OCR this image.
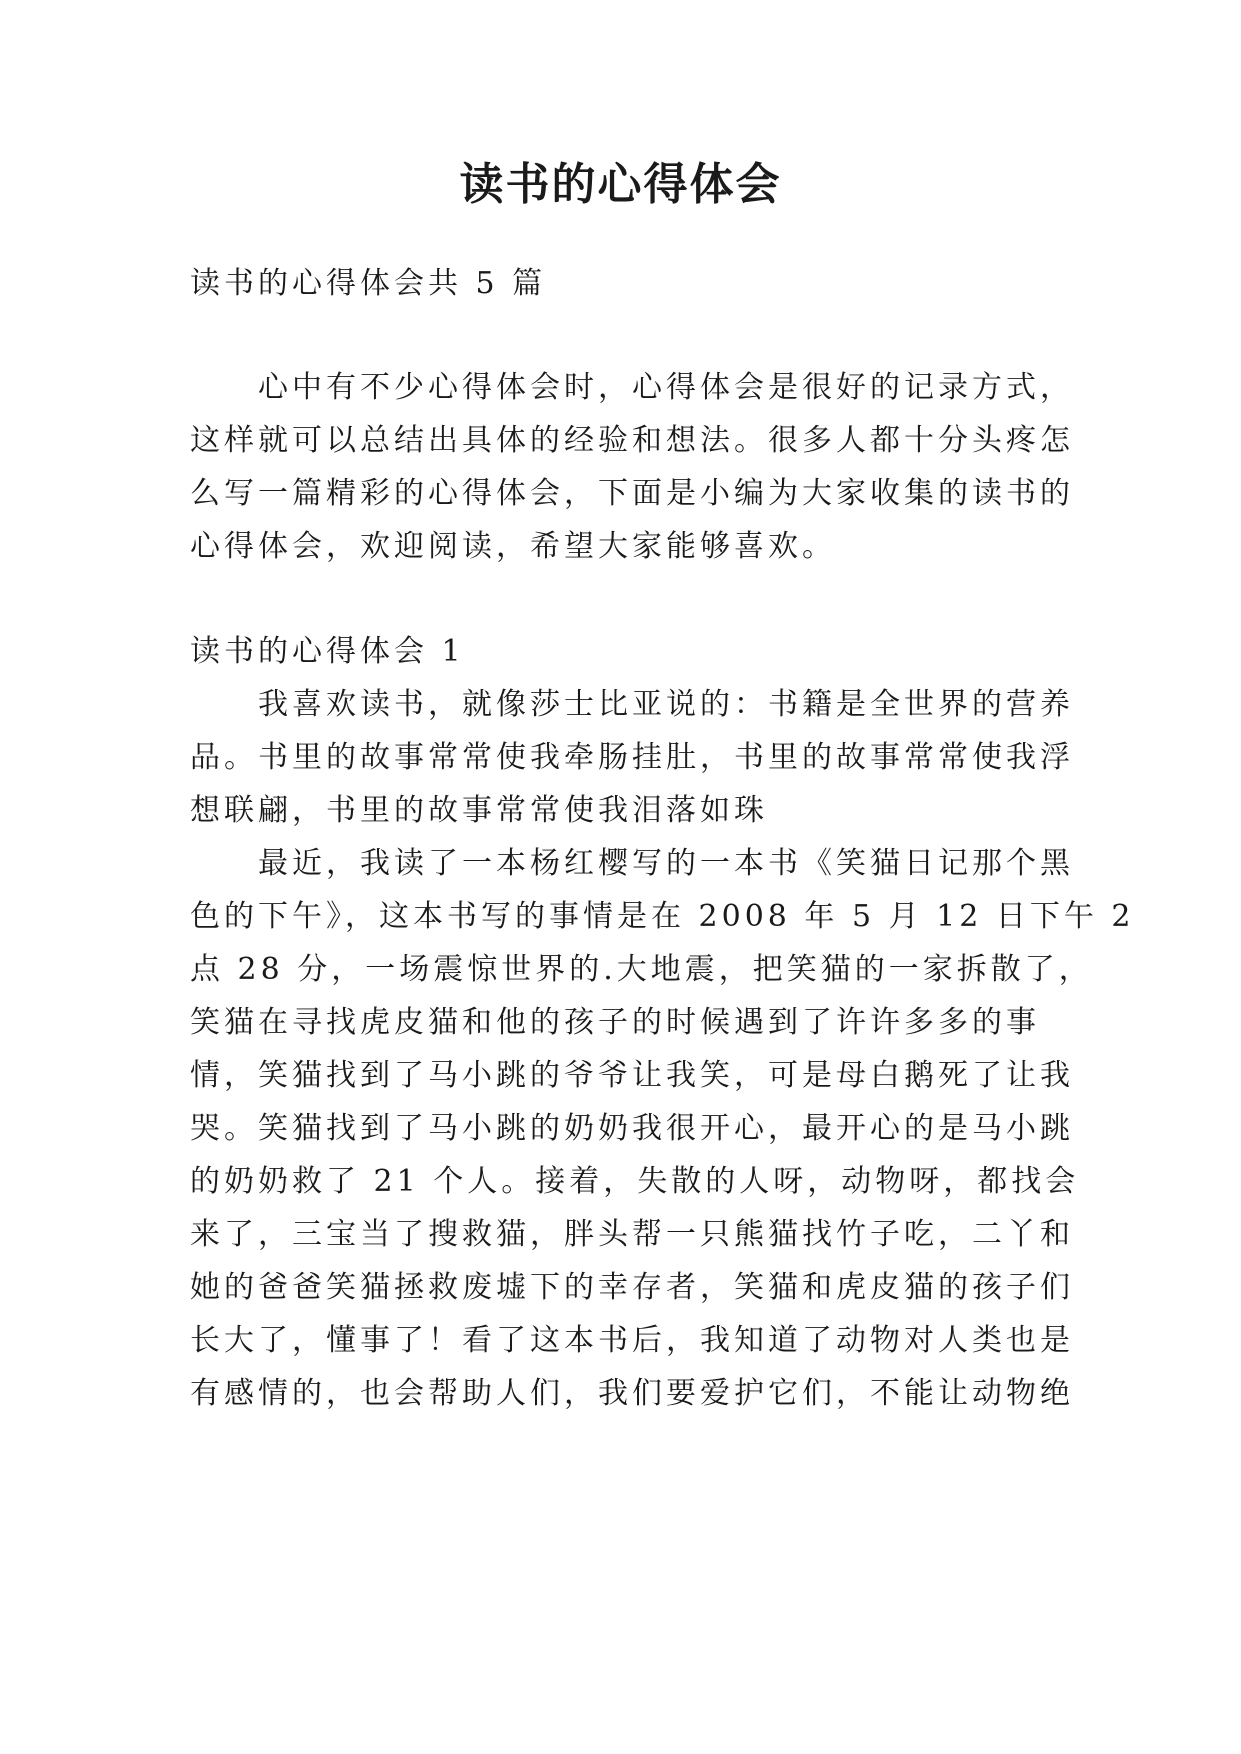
读书的心得体会
读书的心得体会共 5 篇
心中有不少心得体会时，心得体会是很好的记录方式，
这样就可以总结出具体的经验和想法。很多人都十分头疼怎
么写一篇精彩的心得体会，下面是小编为大家收集的读书的
心得体会，欢迎阅读，希望大家能够喜欢。
读书的心得体会 1
我喜欢读书，就像莎士比亚说的：书籍是全世界的营养
品。书里的故事常常使我牵肠挂肚，书里的故事常常使我浮
想联翩，书里的故事常常使我泪落如珠
最近，我读了一本杨红樱写的一本书《笑猫日记那个黑
色的下午》，这本书写的事情是在 2008 年 5 月 12 日下午 2
点 28 分，一场震惊世界的.大地震，把笑猫的一家拆散了，
笑猫在寻找虎皮猫和他的孩子的时候遇到了许许多多的事
情，笑猫找到了马小跳的爷爷让我笑，可是母白鹅死了让我
哭。笑猫找到了马小跳的奶奶我很开心，最开心的是马小跳
的奶奶救了 21 个人。接着，失散的人呀，动物呀，都找会
来了，三宝当了搜救猫，胖头帮一只熊猫找竹子吃，二丫和
她的爸爸笑猫拯救废墟下的幸存者，笑猫和虎皮猫的孩子们
长大了，懂事了！看了这本书后，我知道了动物对人类也是
有感情的，也会帮助人们，我们要爱护它们，不能让动物绝
